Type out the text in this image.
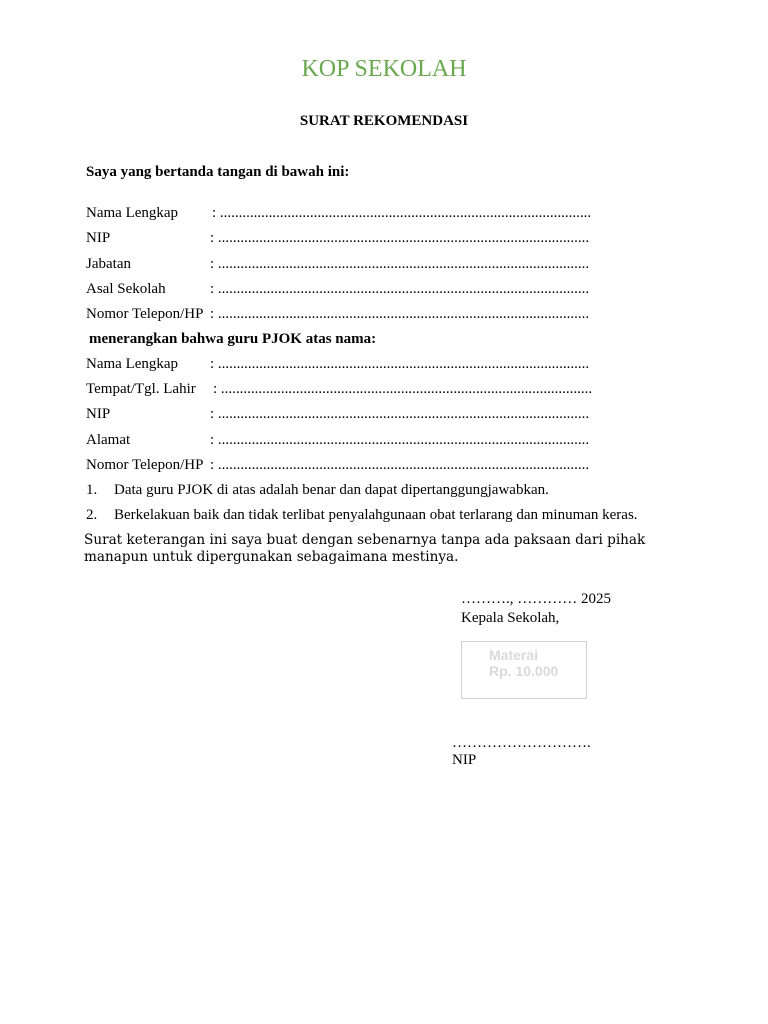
KOP SEKOLAH
SURAT REKOMENDASI
Saya yang bertanda tangan di bawah ini:
Nama Lengkap : ...................................................................................................
NIP	: ...................................................................................................
Jabatan	: ...................................................................................................
Asal Sekolah	: ...................................................................................................
Nomor Telepon/HP : ...................................................................................................
menerangkan bahwa guru PJOK atas nama:
Nama Lengkap : ...................................................................................................
Tempat/Tgl. Lahir : ...................................................................................................
NIP	: ...................................................................................................
Alamat	: ...................................................................................................
Nomor Telepon/HP : ...................................................................................................
1. Data guru PJOK di atas adalah benar dan dapat dipertanggungjawabkan.
2. Berkelakuan baik dan tidak terlibat penyalahgunaan obat terlarang dan minuman keras.
Surat keterangan ini saya buat dengan sebenarnya tanpa ada paksaan dari pihak manapun untuk dipergunakan sebagaimana mestinya.
………., ………… 2025
Kepala Sekolah,
Materai
Rp. 10.000
……………………….
NIP
